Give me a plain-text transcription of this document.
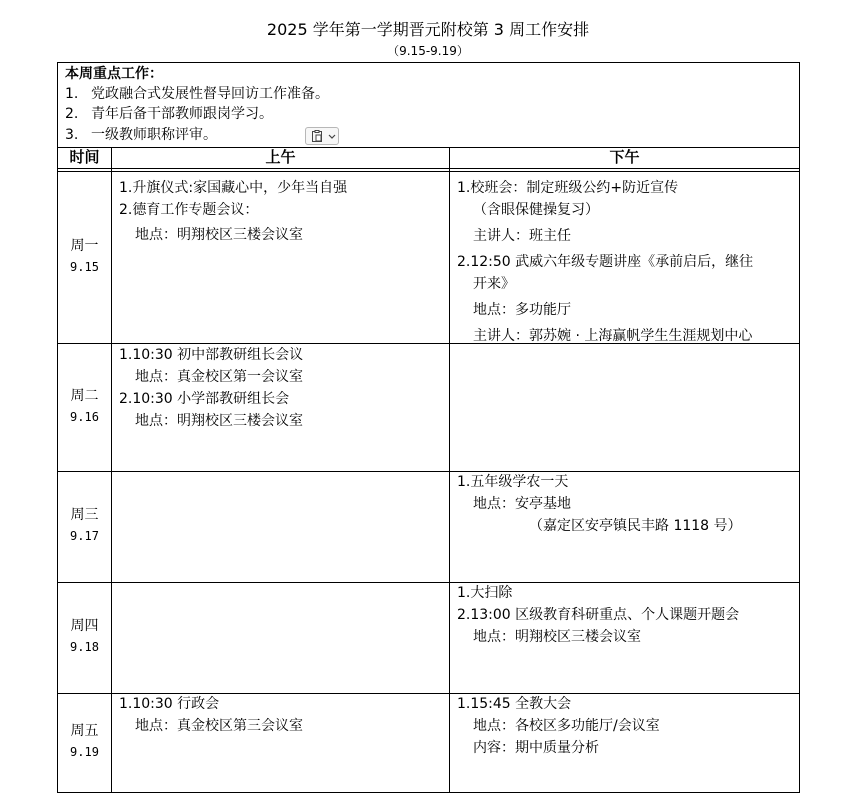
2025 学年第一学期晋元附校第 3 周工作安排
（9.15-9.19）
本周重点工作：
1. 党政融合式发展性督导回访工作准备。
2. 青年后备干部教师跟岗学习。
3. 一级教师职称评审。
时间	上午	下午
周一
9.15
1.升旗仪式:家国藏心中，少年当自强
2.德育工作专题会议：
地点：明翔校区三楼会议室
1.校班会：制定班级公约+防近宣传
（含眼保健操复习）
主讲人：班主任
2.12:50 武威六年级专题讲座《承前启后，继往
开来》
地点：多功能厅
主讲人：郭苏婉 · 上海赢帆学生生涯规划中心
周二
9.16
1.10:30 初中部教研组长会议
地点：真金校区第一会议室
2.10:30 小学部教研组长会
地点：明翔校区三楼会议室
周三
9.17
1.五年级学农一天
地点：安亭基地
（嘉定区安亭镇民丰路 1118 号）
周四
9.18
1.大扫除
2.13:00 区级教育科研重点、个人课题开题会
地点：明翔校区三楼会议室
周五
9.19
1.10:30 行政会
地点：真金校区第三会议室
1.15:45 全教大会
地点：各校区多功能厅/会议室
内容：期中质量分析
